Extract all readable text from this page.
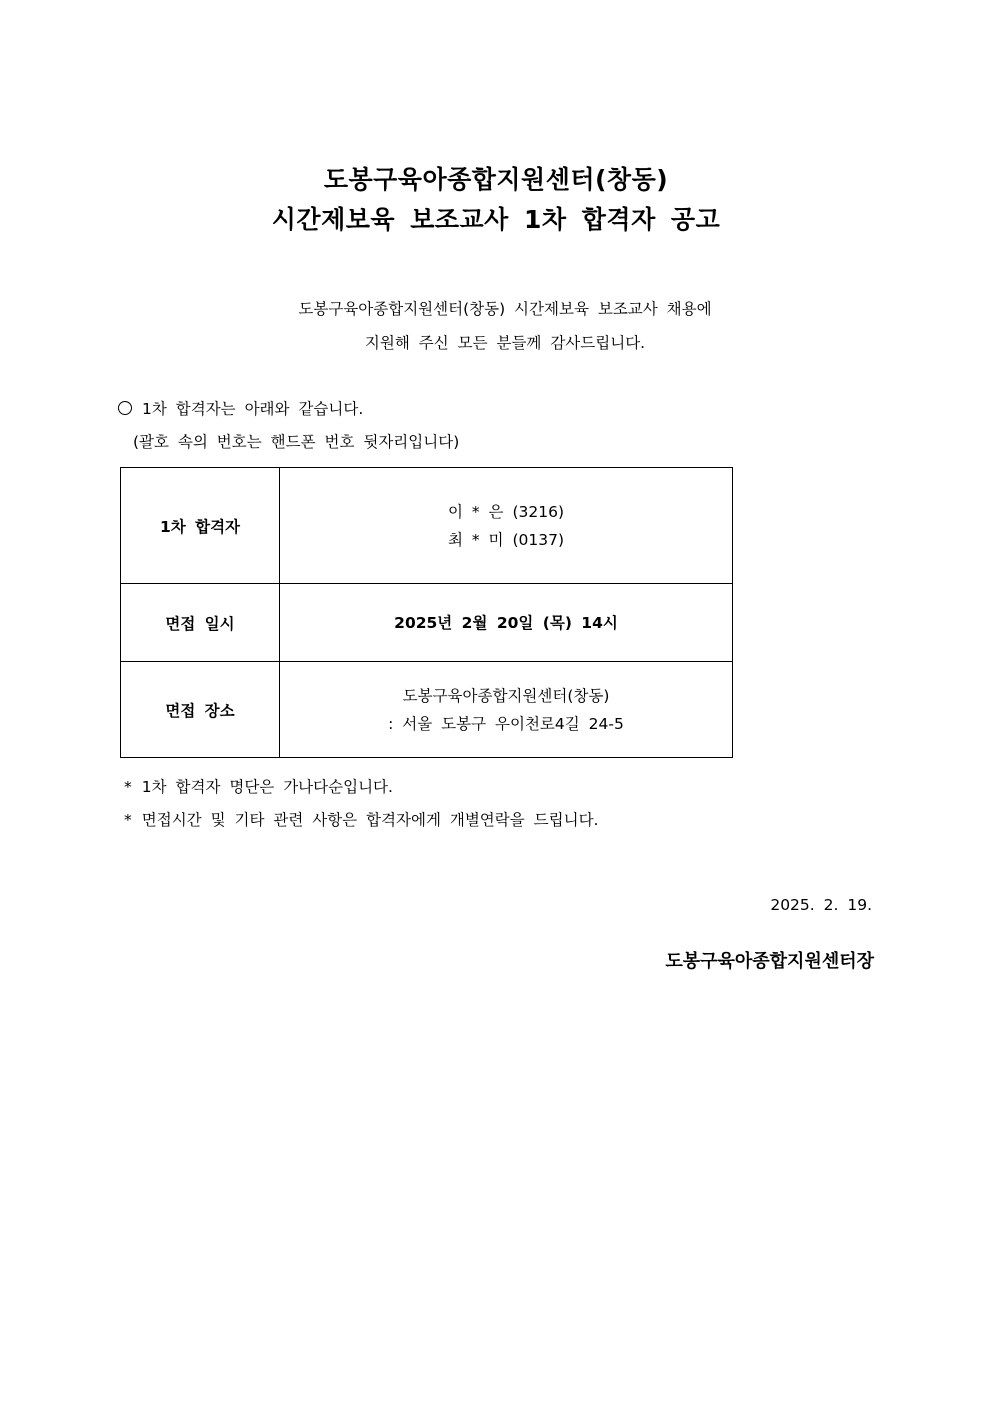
도봉구육아종합지원센터(창동)
시간제보육 보조교사 1차 합격자 공고
도봉구육아종합지원센터(창동) 시간제보육 보조교사 채용에
지원해 주신 모든 분들께 감사드립니다.
1차 합격자는 아래와 같습니다.
(괄호 속의 번호는 핸드폰 번호 뒷자리입니다)
1차 합격자	이 * 은 (3216)
최 * 미 (0137)

면접 일시	2025년 2월 20일 (목) 14시

면접 장소	도봉구육아종합지원센터(창동)
: 서울 도봉구 우이천로4길 24-5
* 1차 합격자 명단은 가나다순입니다.
* 면접시간 및 기타 관련 사항은 합격자에게 개별연락을 드립니다.
2025. 2. 19.
도봉구육아종합지원센터장
